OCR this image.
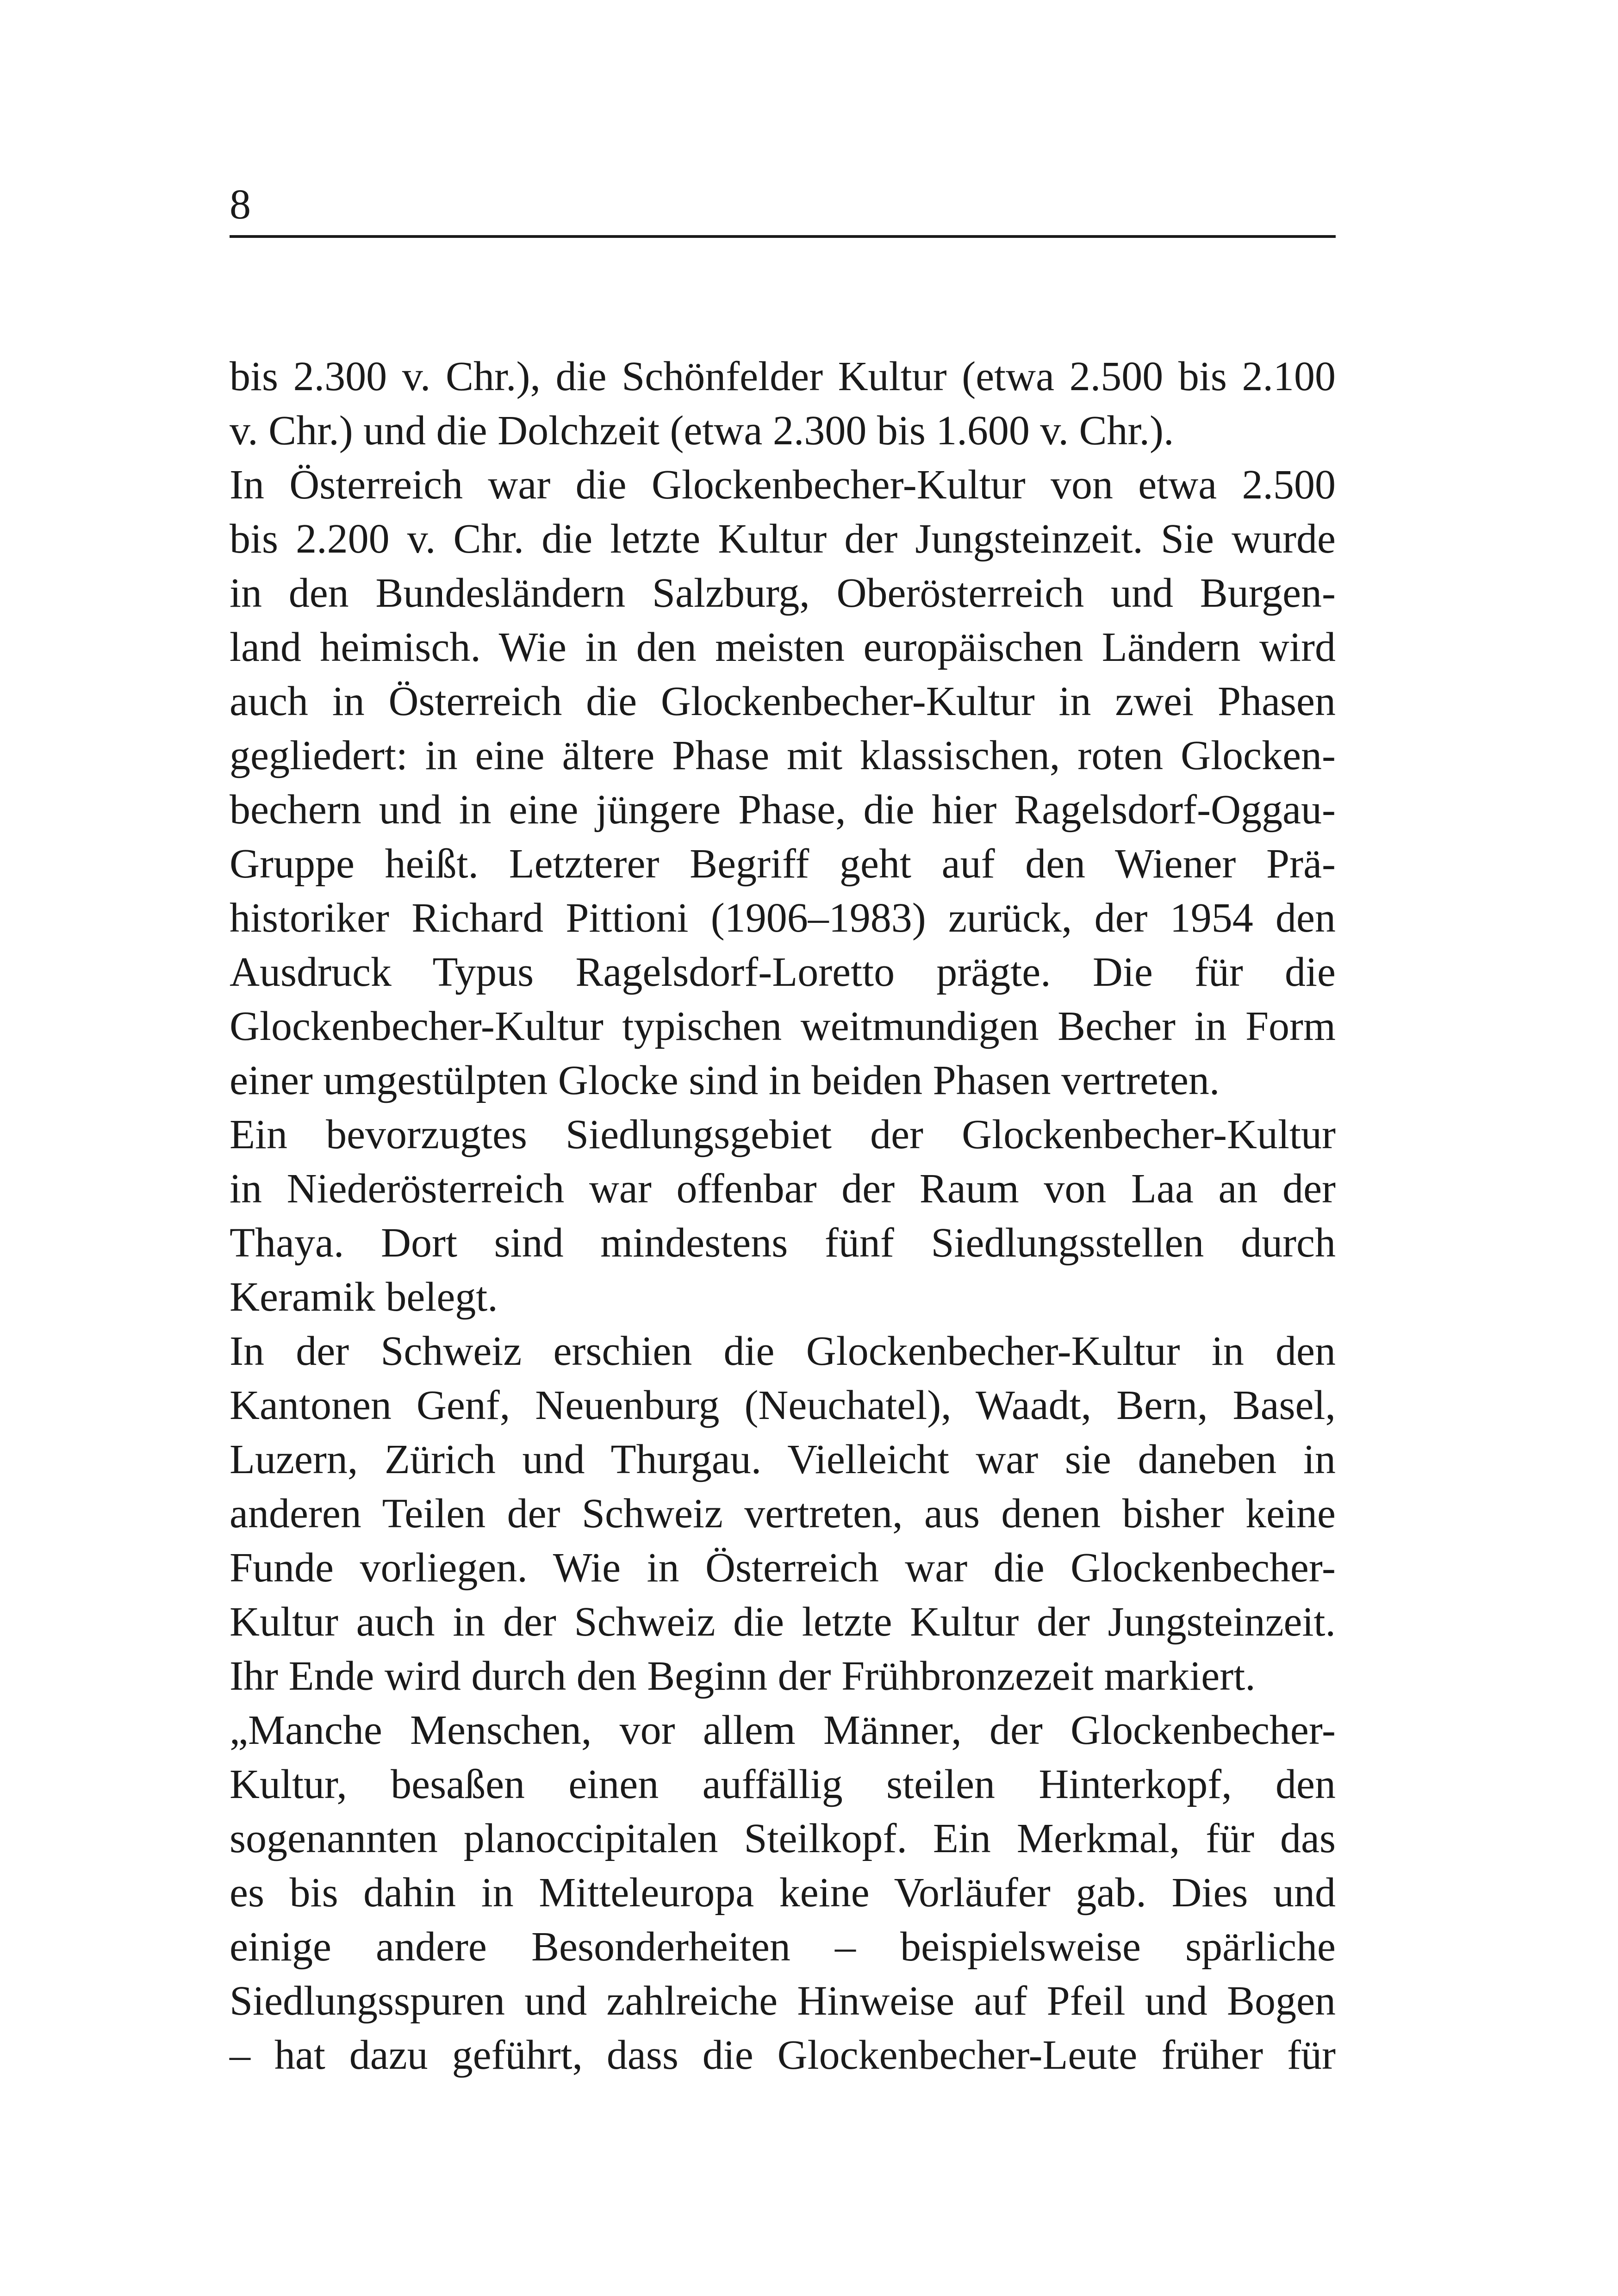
8
bis 2.300 v. Chr.), die Schönfelder Kultur (etwa 2.500 bis 2.100
v. Chr.) und die Dolchzeit (etwa 2.300 bis 1.600 v. Chr.).
In Österreich war die Glockenbecher-Kultur von etwa 2.500
bis 2.200 v. Chr. die letzte Kultur der Jungsteinzeit. Sie wurde
in den Bundesländern Salzburg, Oberösterreich und Burgen-
land heimisch. Wie in den meisten europäischen Ländern wird
auch in Österreich die Glockenbecher-Kultur in zwei Phasen
gegliedert: in eine ältere Phase mit klassischen, roten Glocken-
bechern und in eine jüngere Phase, die hier Ragelsdorf-Oggau-
Gruppe heißt. Letzterer Begriff geht auf den Wiener Prä-
historiker Richard Pittioni (1906–1983) zurück, der 1954 den
Ausdruck Typus Ragelsdorf-Loretto prägte. Die für die
Glockenbecher-Kultur typischen weitmundigen Becher in Form
einer umgestülpten Glocke sind in beiden Phasen vertreten.
Ein bevorzugtes Siedlungsgebiet der Glockenbecher-Kultur
in Niederösterreich war offenbar der Raum von Laa an der
Thaya. Dort sind mindestens fünf Siedlungsstellen durch
Keramik belegt.
In der Schweiz erschien die Glockenbecher-Kultur in den
Kantonen Genf, Neuenburg (Neuchatel), Waadt, Bern, Basel,
Luzern, Zürich und Thurgau. Vielleicht war sie daneben in
anderen Teilen der Schweiz vertreten, aus denen bisher keine
Funde vorliegen. Wie in Österreich war die Glockenbecher-
Kultur auch in der Schweiz die letzte Kultur der Jungsteinzeit.
Ihr Ende wird durch den Beginn der Frühbronzezeit markiert.
„Manche Menschen, vor allem Männer, der Glockenbecher-
Kultur, besaßen einen auffällig steilen Hinterkopf, den
sogenannten planoccipitalen Steilkopf. Ein Merkmal, für das
es bis dahin in Mitteleuropa keine Vorläufer gab. Dies und
einige andere Besonderheiten – beispielsweise spärliche
Siedlungsspuren und zahlreiche Hinweise auf Pfeil und Bogen
– hat dazu geführt, dass die Glockenbecher-Leute früher für
